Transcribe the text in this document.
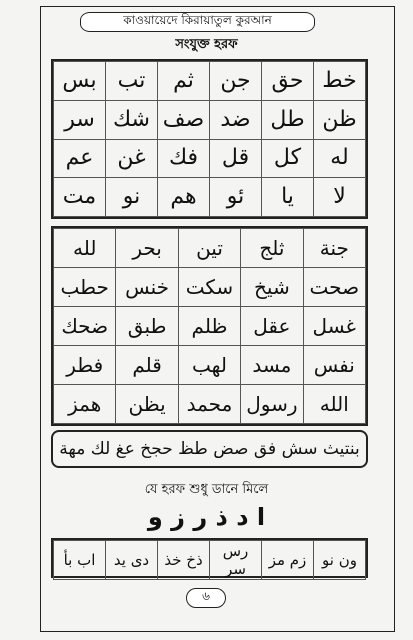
কাওয়ায়েদে কিরায়াতুল কুরআন
সংযুক্ত হরফ
بس	تب	ثم	جن	حق	خط
سر	شك	صف	ضد	طل	ظن
عم	غن	فك	قل	كل	له
مت	نو	هم	ئو	يا	لا
لله	بحر	تين	ثلج	جنة
حطب	خنس	سكت	شيخ	صحت
ضحك	طبق	ظلم	عقل	غسل
فطر	قلم	لهب	مسد	نفس
همز	يظن	محمد	رسول	الله
بنتيث سش فق صض طظ حجخ عغ لك مهة
যে হরফ শুধু ডানে মিলে
ا د ذ ر ز و
اب بأ	دى يد	ذخ خذ	رس سر	زم مز	ون نو
৬
